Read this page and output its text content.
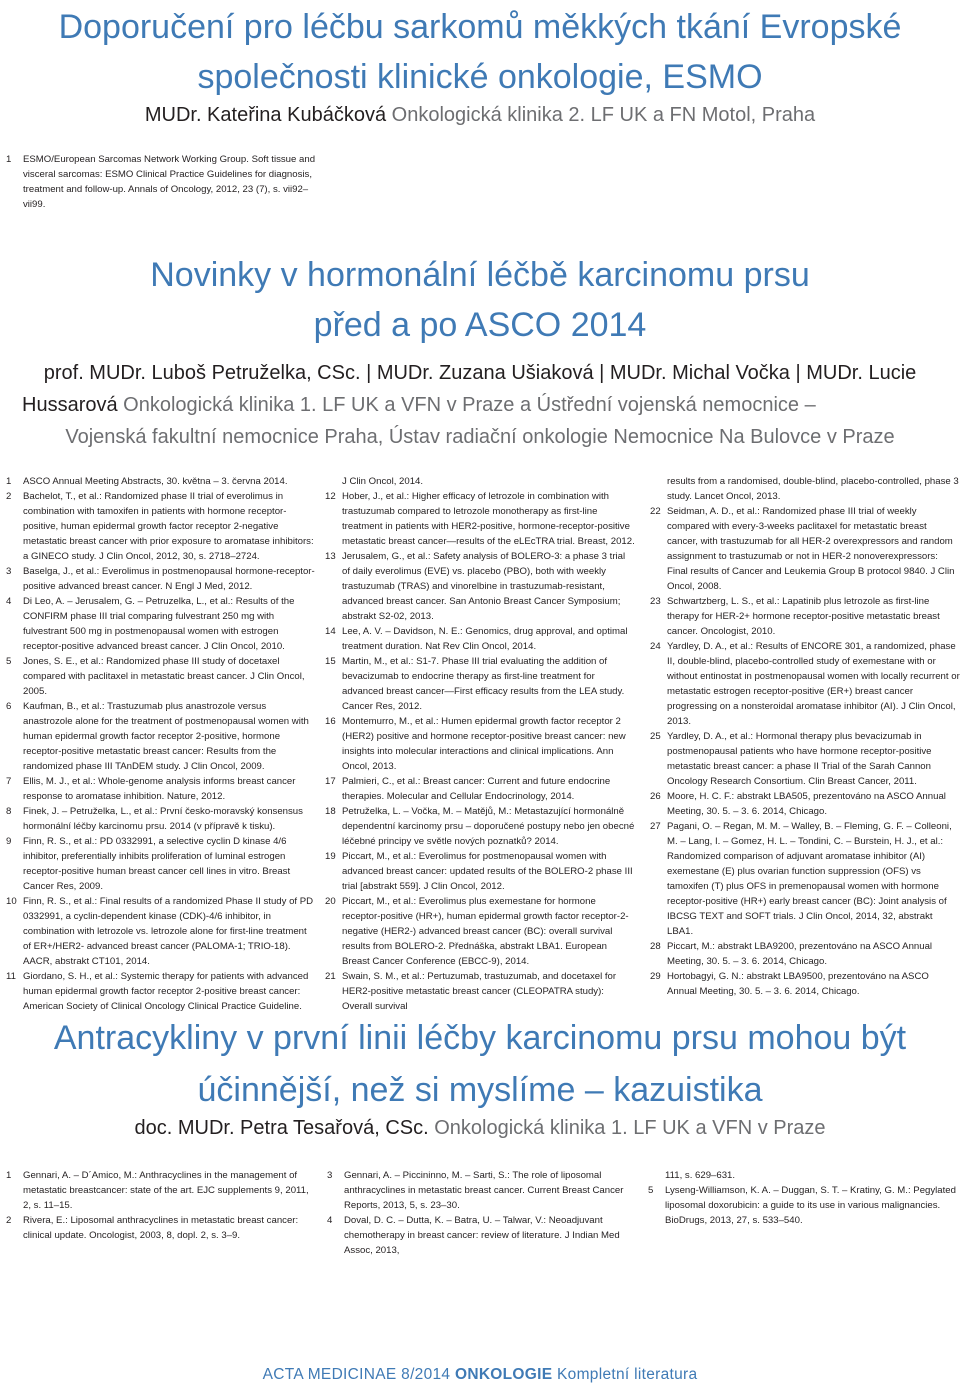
Doporučení pro léčbu sarkomů měkkých tkání Evropské
společnosti klinické onkologie, ESMO

MUDr. Kateřina Kubáčková Onkologická klinika 2. LF UK a FN Motol, Praha

1 ESMO/European Sarcomas Network Working Group. Soft tissue and visceral sarcomas: ESMO Clinical Practice Guidelines for diagnosis, treatment and follow-up. Annals of Oncology, 2012, 23 (7), s. vii92–vii99.
Novinky v hormonální léčbě karcinomu prsu
před a po ASCO 2014
prof. MUDr. Luboš Petruželka, CSc. | MUDr. Zuzana Ušiaková | MUDr. Michal Vočka | MUDr. Lucie
Hussarová Onkologická klinika 1. LF UK a VFN v Praze a Ústřední vojenská nemocnice –
Vojenská fakultní nemocnice Praha, Ústav radiační onkologie Nemocnice Na Bulovce v Praze
1 ASCO Annual Meeting Abstracts, 30. května – 3. června 2014.
2 Bachelot, T., et al.: Randomized phase II trial of everolimus in combination with tamoxifen in patients with hormone receptor-positive, human epidermal growth factor receptor 2-negative metastatic breast cancer with prior exposure to aromatase inhibitors: a GINECO study. J Clin Oncol, 2012, 30, s. 2718–2724.
3 Baselga, J., et al.: Everolimus in postmenopausal hormone-receptor-positive advanced breast cancer. N Engl J Med, 2012.
4 Di Leo, A. – Jerusalem, G. – Petruzelka, L., et al.: Results of the CONFIRM phase III trial comparing fulvestrant 250 mg with fulvestrant 500 mg in postmenopausal women with estrogen receptor-positive advanced breast cancer. J Clin Oncol, 2010.
5 Jones, S. E., et al.: Randomized phase III study of docetaxel compared with paclitaxel in metastatic breast cancer. J Clin Oncol, 2005.
6 Kaufman, B., et al.: Trastuzumab plus anastrozole versus anastrozole alone for the treatment of postmenopausal women with human epidermal growth factor receptor 2-positive, hormone receptor-positive metastatic breast cancer: Results from the randomized phase III TAnDEM study. J Clin Oncol, 2009.
7 Ellis, M. J., et al.: Whole-genome analysis informs breast cancer response to aromatase inhibition. Nature, 2012.
8 Finek, J. – Petruželka, L., et al.: První česko-moravský konsensus hormonální léčby karcinomu prsu. 2014 (v přípravě k tisku).
9 Finn, R. S., et al.: PD 0332991, a selective cyclin D kinase 4/6 inhibitor, preferentially inhibits proliferation of luminal estrogen receptor-positive human breast cancer cell lines in vitro. Breast Cancer Res, 2009.
10 Finn, R. S., et al.: Final results of a randomized Phase II study of PD 0332991, a cyclin-dependent kinase (CDK)-4/6 inhibitor, in combination with letrozole vs. letrozole alone for first-line treatment of ER+/HER2- advanced breast cancer (PALOMA-1; TRIO-18). AACR, abstrakt CT101, 2014.
11 Giordano, S. H., et al.: Systemic therapy for patients with advanced human epidermal growth factor receptor 2-positive breast cancer: American Society of Clinical Oncology Clinical Practice Guideline.
J Clin Oncol, 2014.
12 Hober, J., et al.: Higher efficacy of letrozole in combination with trastuzumab compared to letrozole monotherapy as first-line treatment in patients with HER2-positive, hormone-receptor-positive metastatic breast cancer—results of the eLEcTRA trial. Breast, 2012.
13 Jerusalem, G., et al.: Safety analysis of BOLERO-3: a phase 3 trial of daily everolimus (EVE) vs. placebo (PBO), both with weekly trastuzumab (TRAS) and vinorelbine in trastuzumab-resistant, advanced breast cancer. San Antonio Breast Cancer Symposium; abstrakt S2-02, 2013.
14 Lee, A. V. – Davidson, N. E.: Genomics, drug approval, and optimal treatment duration. Nat Rev Clin Oncol, 2014.
15 Martin, M., et al.: S1-7. Phase III trial evaluating the addition of bevacizumab to endocrine therapy as first-line treatment for advanced breast cancer—First efficacy results from the LEA study. Cancer Res, 2012.
16 Montemurro, M., et al.: Humen epidermal growth factor receptor 2 (HER2) positive and hormone receptor-positive breast cancer: new insights into molecular interactions and clinical implications. Ann Oncol, 2013.
17 Palmieri, C., et al.: Breast cancer: Current and future endocrine therapies. Molecular and Cellular Endocrinology, 2014.
18 Petruželka, L. – Vočka, M. – Matějů, M.: Metastazující hormonálně dependentní karcinomy prsu – doporučené postupy nebo jen obecné léčebné principy ve světle nových poznatků? 2014.
19 Piccart, M., et al.: Everolimus for postmenopausal women with advanced breast cancer: updated results of the BOLERO-2 phase III trial [abstrakt 559]. J Clin Oncol, 2012.
20 Piccart, M., et al.: Everolimus plus exemestane for hormone receptor-positive (HR+), human epidermal growth factor receptor-2-negative (HER2-) advanced breast cancer (BC): overall survival results from BOLERO-2. Přednáška, abstrakt LBA1. European Breast Cancer Conference (EBCC-9), 2014.
21 Swain, S. M., et al.: Pertuzumab, trastuzumab, and docetaxel for HER2-positive metastatic breast cancer (CLEOPATRA study): Overall survival
results from a randomised, double-blind, placebo-controlled, phase 3 study. Lancet Oncol, 2013.
22 Seidman, A. D., et al.: Randomized phase III trial of weekly compared with every-3-weeks paclitaxel for metastatic breast cancer, with trastuzumab for all HER-2 overexpressors and random assignment to trastuzumab or not in HER-2 nonoverexpressors: Final results of Cancer and Leukemia Group B protocol 9840. J Clin Oncol, 2008.
23 Schwartzberg, L. S., et al.: Lapatinib plus letrozole as first-line therapy for HER-2+ hormone receptor-positive metastatic breast cancer. Oncologist, 2010.
24 Yardley, D. A., et al.: Results of ENCORE 301, a randomized, phase II, double-blind, placebo-controlled study of exemestane with or without entinostat in postmenopausal women with locally recurrent or metastatic estrogen receptor-positive (ER+) breast cancer progressing on a nonsteroidal aromatase inhibitor (AI). J Clin Oncol, 2013.
25 Yardley, D. A., et al.: Hormonal therapy plus bevacizumab in postmenopausal patients who have hormone receptor-positive metastatic breast cancer: a phase II Trial of the Sarah Cannon Oncology Research Consortium. Clin Breast Cancer, 2011.
26 Moore, H. C. F.: abstrakt LBA505, prezentováno na ASCO Annual Meeting, 30. 5. – 3. 6. 2014, Chicago.
27 Pagani, O. – Regan, M. M. – Walley, B. – Fleming, G. F. – Colleoni, M. – Lang, I. – Gomez, H. L. – Tondini, C. – Burstein, H. J., et al.: Randomized comparison of adjuvant aromatase inhibitor (AI) exemestane (E) plus ovarian function suppression (OFS) vs tamoxifen (T) plus OFS in premenopausal women with hormone receptor-positive (HR+) early breast cancer (BC): Joint analysis of IBCSG TEXT and SOFT trials. J Clin Oncol, 2014, 32, abstrakt LBA1.
28 Piccart, M.: abstrakt LBA9200, prezentováno na ASCO Annual Meeting, 30. 5. – 3. 6. 2014, Chicago.
29 Hortobagyi, G. N.: abstrakt LBA9500, prezentováno na ASCO Annual Meeting, 30. 5. – 3. 6. 2014, Chicago.
Antracykliny v první linii léčby karcinomu prsu mohou být
účinnější, než si myslíme – kazuistika

doc. MUDr. Petra Tesařová, CSc. Onkologická klinika 1. LF UK a VFN v Praze

1 Gennari, A. – D´Amico, M.: Anthracyclines in the management of metastatic breastcancer: state of the art. EJC supplements 9, 2011, 2, s. 11–15.
2 Rivera, E.: Liposomal anthracyclines in metastatic breast cancer: clinical update. Oncologist, 2003, 8, dopl. 2, s. 3–9.
3 Gennari, A. – Piccininno, M. – Sarti, S.: The role of liposomal anthracyclines in metastatic breast cancer. Current Breast Cancer Reports, 2013, 5, s. 23–30.
4 Doval, D. C. – Dutta, K. – Batra, U. – Talwar, V.: Neoadjuvant chemotherapy in breast cancer: review of literature. J Indian Med Assoc, 2013,
111, s. 629–631.
5 Lyseng-Williamson, K. A. – Duggan, S. T. – Kratiny, G. M.: Pegylated liposomal doxorubicin: a guide to its use in various malignancies. BioDrugs, 2013, 27, s. 533–540.
ACTA MEDICINAE 8/2014 ONKOLOGIE Kompletní literatura
